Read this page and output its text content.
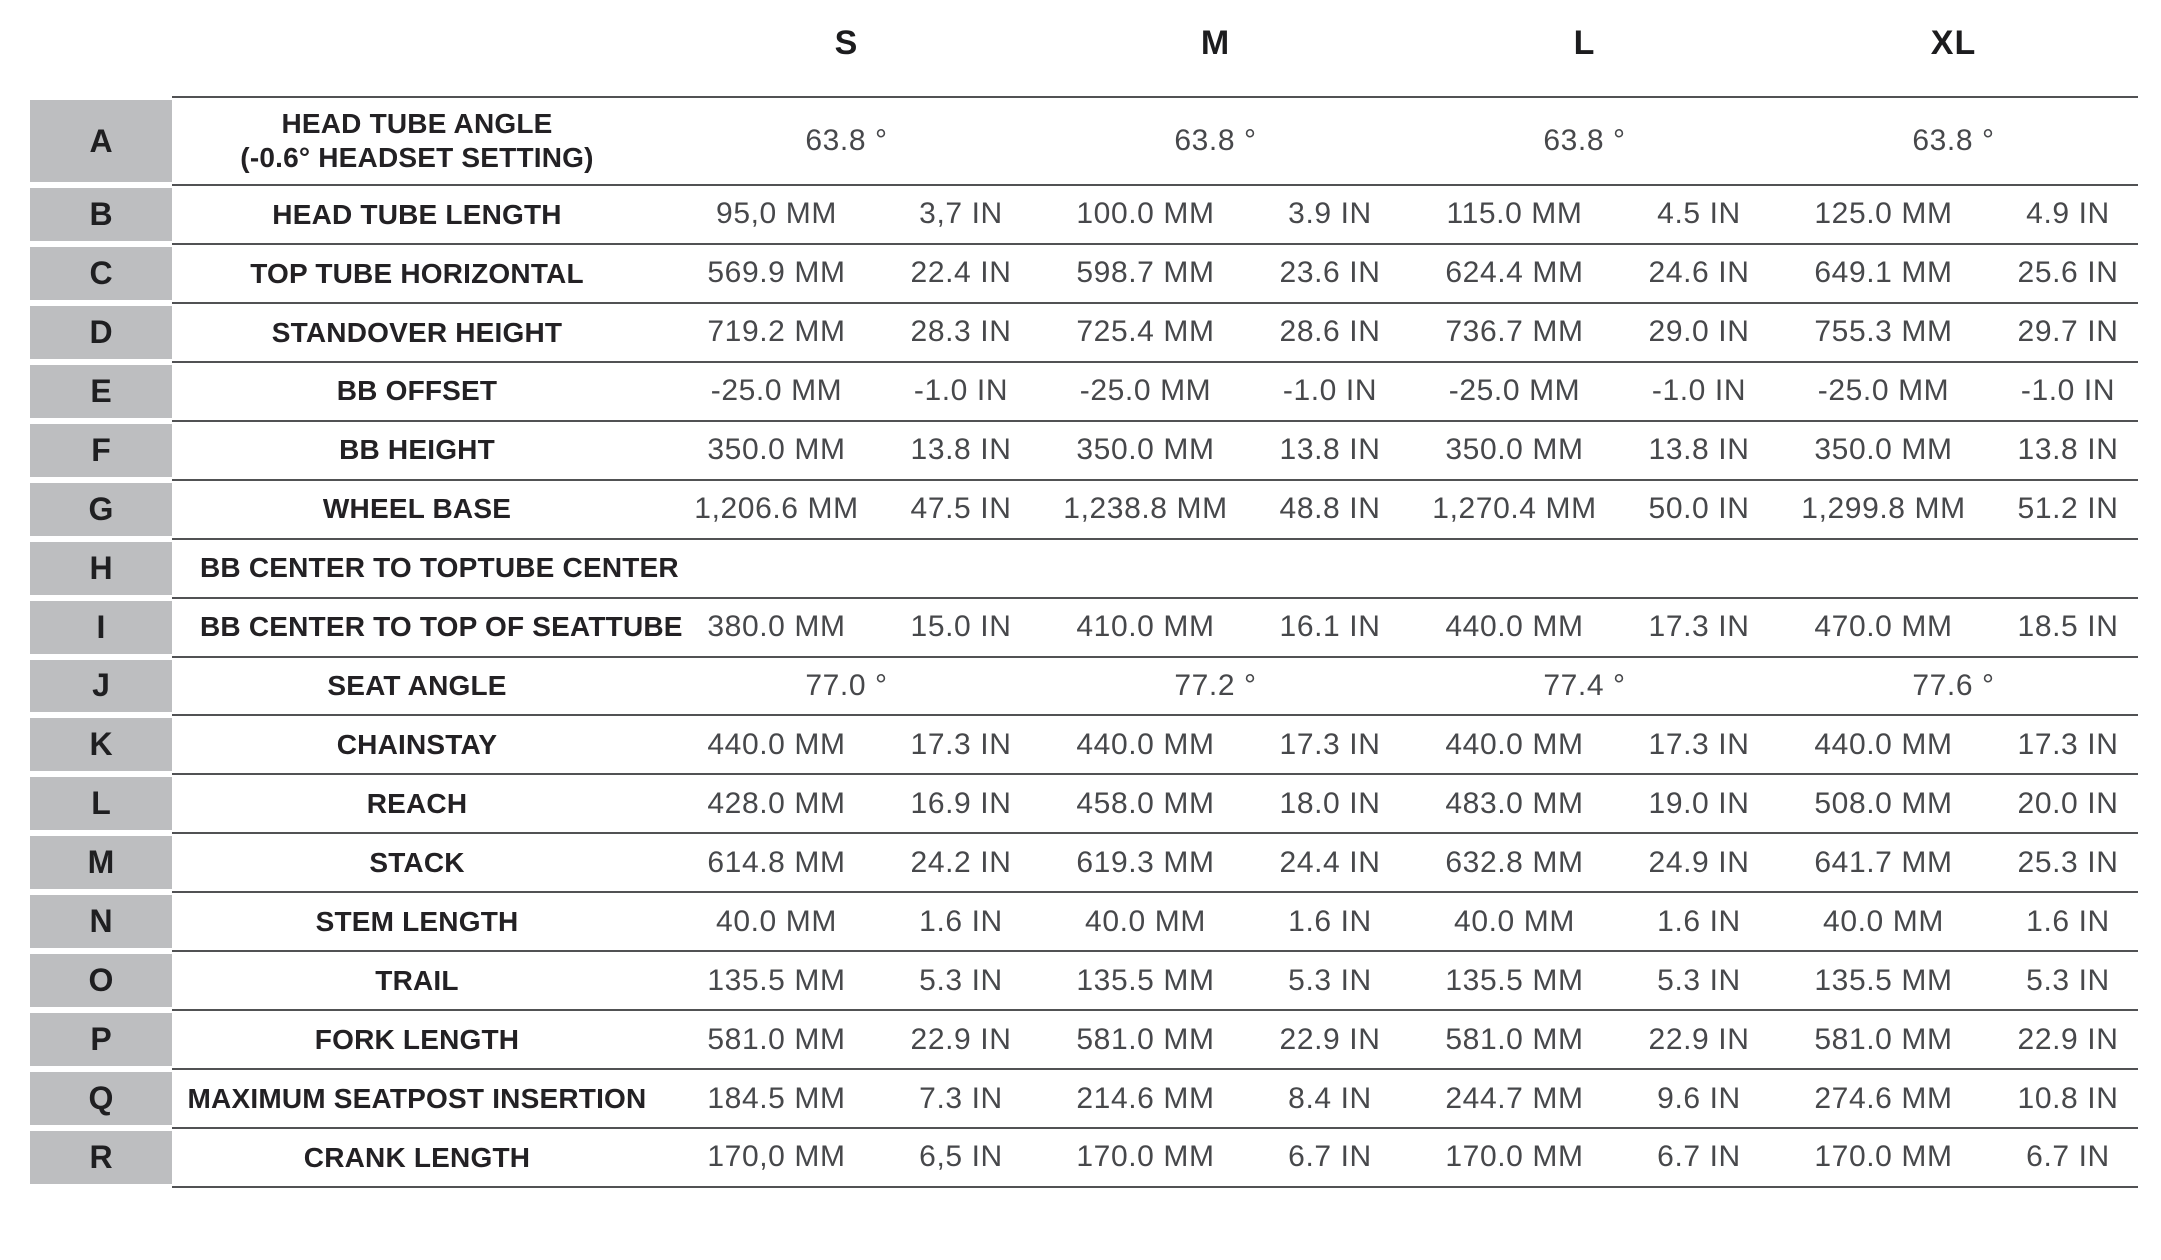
S	M	L	XL
A	HEAD TUBE ANGLE
(-0.6° HEADSET SETTING)
63.8 °	63.8 °	63.8 °	63.8 °
B	HEAD TUBE LENGTH	95,0 MM	3,7 IN	100.0 MM	3.9 IN	115.0 MM	4.5 IN	125.0 MM	4.9 IN
C	TOP TUBE HORIZONTAL	569.9 MM	22.4 IN	598.7 MM	23.6 IN	624.4 MM	24.6 IN	649.1 MM	25.6 IN
D	STANDOVER HEIGHT	719.2 MM	28.3 IN	725.4 MM	28.6 IN	736.7 MM	29.0 IN	755.3 MM	29.7 IN
E	BB OFFSET	-25.0 MM	-1.0 IN	-25.0 MM	-1.0 IN	-25.0 MM	-1.0 IN	-25.0 MM	-1.0 IN
F	BB HEIGHT	350.0 MM	13.8 IN	350.0 MM	13.8 IN	350.0 MM	13.8 IN	350.0 MM	13.8 IN
G	WHEEL BASE	1,206.6 MM	47.5 IN	1,238.8 MM	48.8 IN	1,270.4 MM	50.0 IN	1,299.8 MM	51.2 IN
H	BB CENTER TO TOPTUBE CENTER
I	BB CENTER TO TOP OF SEATTUBE 380.0 MM	15.0 IN	410.0 MM	16.1 IN	440.0 MM	17.3 IN	470.0 MM	18.5 IN
J	SEAT ANGLE	77.0 °	77.2 °	77.4 °	77.6 °
K	CHAINSTAY	440.0 MM	17.3 IN	440.0 MM	17.3 IN	440.0 MM	17.3 IN	440.0 MM	17.3 IN
L	REACH	428.0 MM	16.9 IN	458.0 MM	18.0 IN	483.0 MM	19.0 IN	508.0 MM	20.0 IN
M	STACK	614.8 MM	24.2 IN	619.3 MM	24.4 IN	632.8 MM	24.9 IN	641.7 MM	25.3 IN
N	STEM LENGTH	40.0 MM	1.6 IN	40.0 MM	1.6 IN	40.0 MM	1.6 IN	40.0 MM	1.6 IN
O	TRAIL	135.5 MM	5.3 IN	135.5 MM	5.3 IN	135.5 MM	5.3 IN	135.5 MM	5.3 IN
P	FORK LENGTH	581.0 MM	22.9 IN	581.0 MM	22.9 IN	581.0 MM	22.9 IN	581.0 MM	22.9 IN
Q	MAXIMUM SEATPOST INSERTION	184.5 MM	7.3 IN	214.6 MM	8.4 IN	244.7 MM	9.6 IN	274.6 MM	10.8 IN
R	CRANK LENGTH	170,0 MM	6,5 IN	170.0 MM	6.7 IN	170.0 MM	6.7 IN	170.0 MM	6.7 IN
